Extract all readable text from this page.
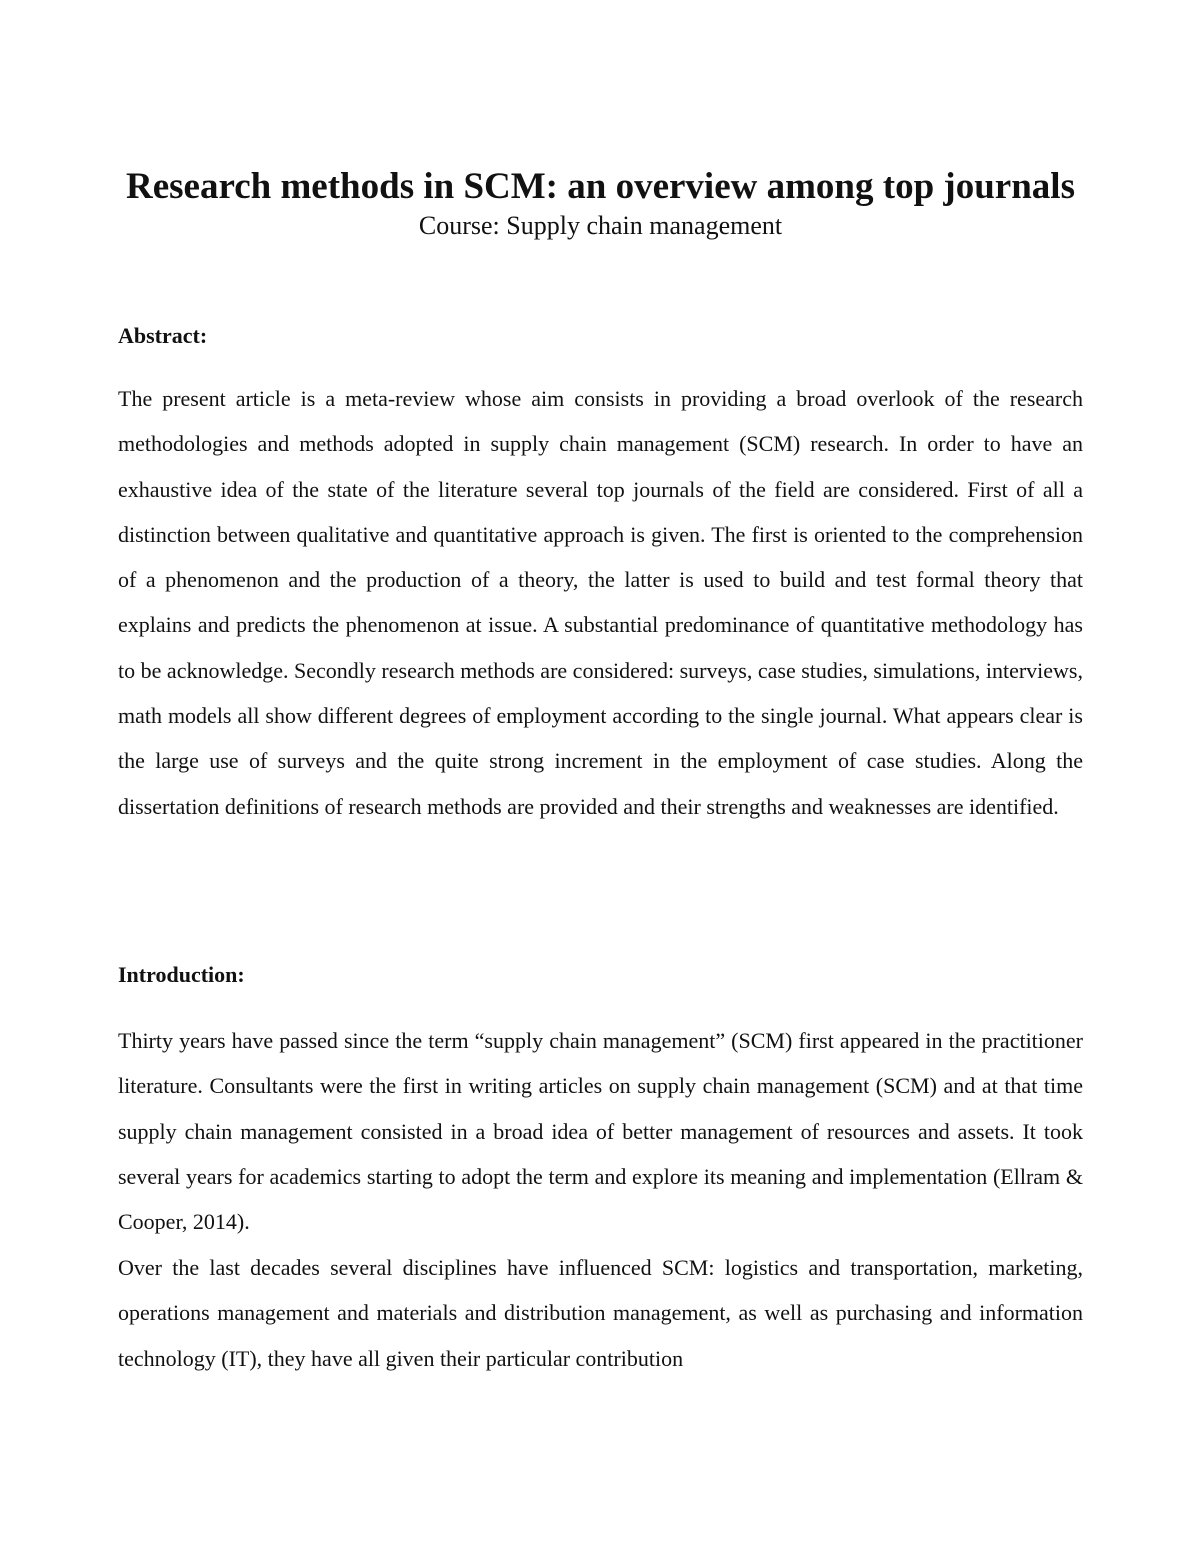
Research methods in SCM: an overview among top journals
Course: Supply chain management
Abstract:

The present article is a meta-review whose aim consists in providing a broad overlook of the research methodologies and methods adopted in supply chain management (SCM) research. In order to have an exhaustive idea of the state of the literature several top journals of the field are considered. First of all a distinction between qualitative and quantitative approach is given. The first is oriented to the comprehension of a phenomenon and the production of a theory, the latter is used to build and test formal theory that explains and predicts the phenomenon at issue. A substantial predominance of quantitative methodology has to be acknowledge. Secondly research methods are considered: surveys, case studies, simulations, interviews, math models all show different degrees of employment according to the single journal. What appears clear is the large use of surveys and the quite strong increment in the employment of case studies. Along the dissertation definitions of research methods are provided and their strengths and weaknesses are identified.

Introduction:

Thirty years have passed since the term “supply chain management” (SCM) first appeared in the practitioner literature. Consultants were the first in writing articles on supply chain management (SCM) and at that time supply chain management consisted in a broad idea of better management of resources and assets. It took several years for academics starting to adopt the term and explore its meaning and implementation (Ellram & Cooper, 2014).

Over the last decades several disciplines have influenced SCM: logistics and transportation, marketing, operations management and materials and distribution management, as well as purchasing and information technology (IT), they have all given their particular contribution
